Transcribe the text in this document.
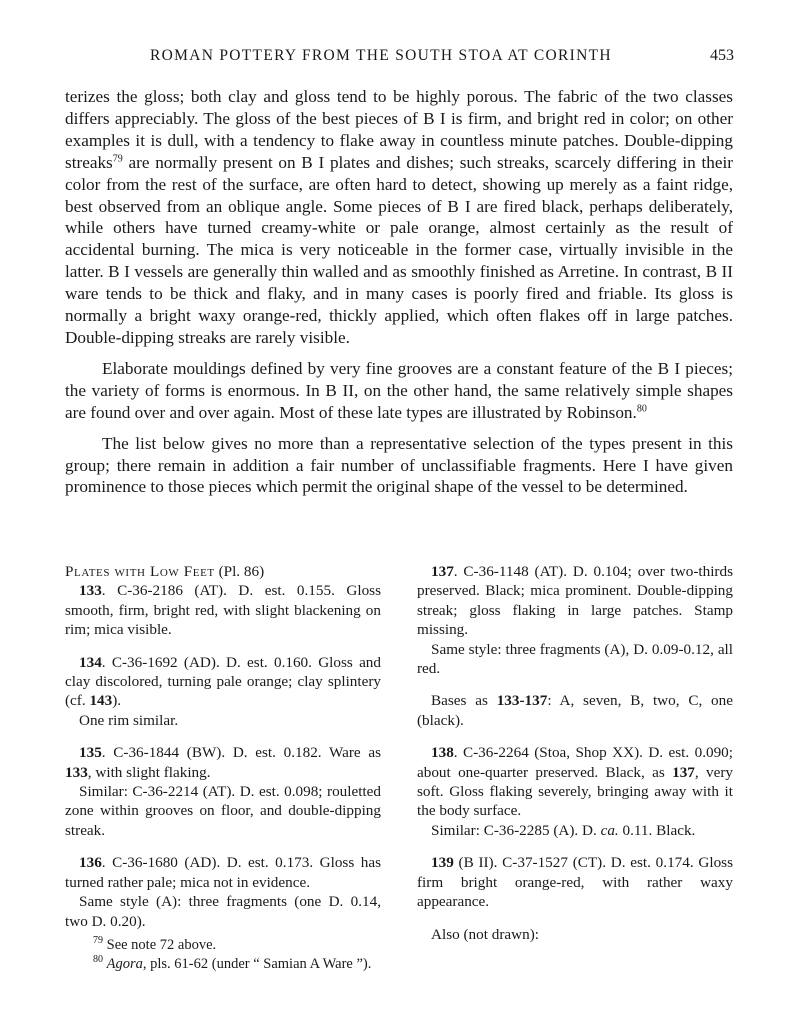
ROMAN POTTERY FROM THE SOUTH STOA AT CORINTH	453

terizes the gloss; both clay and gloss tend to be highly porous. The fabric of the two classes differs appreciably. The gloss of the best pieces of B I is firm, and bright red in color; on other examples it is dull, with a tendency to flake away in countless minute patches. Double-dipping streaks$^{79}$ are normally present on B I plates and dishes; such streaks, scarcely differing in their color from the rest of the surface, are often hard to detect, showing up merely as a faint ridge, best observed from an oblique angle. Some pieces of B I are fired black, perhaps deliberately, while others have turned creamy-white or pale orange, almost certainly as the result of accidental burning. The mica is very noticeable in the former case, virtually invisible in the latter. B I vessels are generally thin walled and as smoothly finished as Arretine. In contrast, B II ware tends to be thick and flaky, and in many cases is poorly fired and friable. Its gloss is normally a bright waxy orange-red, thickly applied, which often flakes off in large patches. Double-dipping streaks are rarely visible.

Elaborate mouldings defined by very fine grooves are a constant feature of the B I pieces; the variety of forms is enormous. In B II, on the other hand, the same relatively simple shapes are found over and over again. Most of these late types are illustrated by Robinson.$^{80}$

The list below gives no more than a representative selection of the types present in this group; there remain in addition a fair number of unclassifiable fragments. Here I have given prominence to those pieces which permit the original shape of the vessel to be determined.

Plates with Low Feet (Pl. 86)

133. C-36-2186 (AT). D. est. 0.155. Gloss smooth, firm, bright red, with slight blackening on rim; mica visible.

134. C-36-1692 (AD). D. est. 0.160. Gloss and clay discolored, turning pale orange; clay splintery (cf. 143).

One rim similar.

135. C-36-1844 (BW). D. est. 0.182. Ware as 133, with slight flaking.

Similar: C-36-2214 (AT). D. est. 0.098; rouletted zone within grooves on floor, and double-dipping streak.

136. C-36-1680 (AD). D. est. 0.173. Gloss has turned rather pale; mica not in evidence.

Same style (A): three fragments (one D. 0.14, two D. 0.20).

137. C-36-1148 (AT). D. 0.104; over two-thirds preserved. Black; mica prominent. Double-dipping streak; gloss flaking in large patches. Stamp missing.

Same style: three fragments (A), D. 0.09-0.12, all red.

Bases as 133-137: A, seven, B, two, C, one (black).

138. C-36-2264 (Stoa, Shop XX). D. est. 0.090; about one-quarter preserved. Black, as 137, very soft. Gloss flaking severely, bringing away with it the body surface.

Similar: C-36-2285 (A). D. ca. 0.11. Black.

139 (B II). C-37-1527 (CT). D. est. 0.174. Gloss firm bright orange-red, with rather waxy appearance.

Also (not drawn):

$^{79}$ See note 72 above.

$^{80}$ Agora, pls. 61-62 (under “ Samian A Ware ”).
